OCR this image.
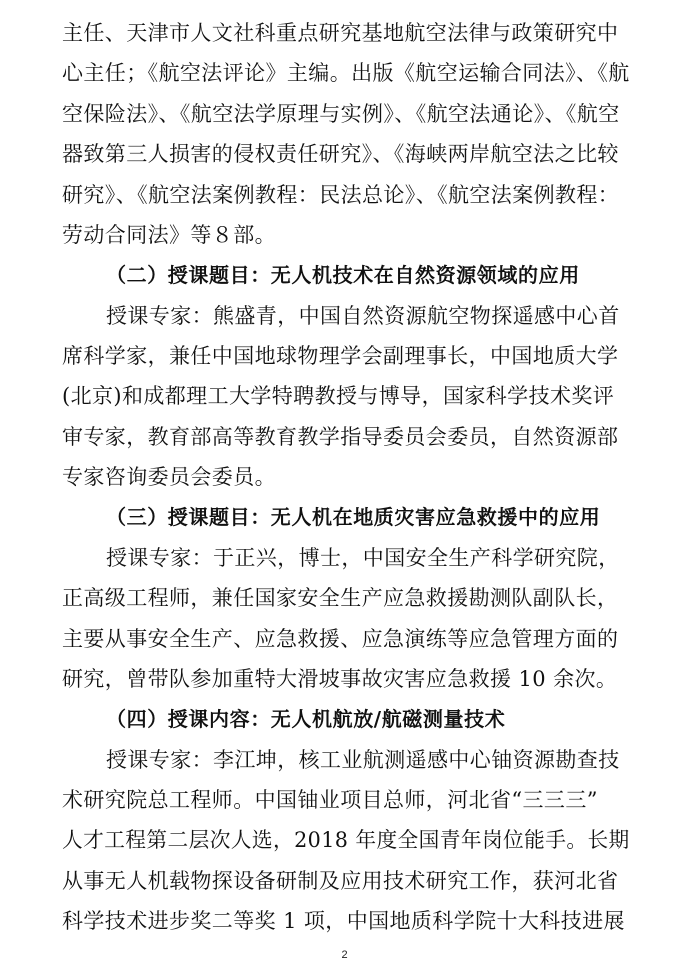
主任、天津市人文社科重点研究基地航空法律与政策研究中
心主任；《航空法评论》主编。出版《航空运输合同法》、《航
空保险法》、《航空法学原理与实例》、《航空法通论》、《航空
器致第三人损害的侵权责任研究》、《海峡两岸航空法之比较
研究》、《航空法案例教程：民法总论》、《航空法案例教程：
劳动合同法》等８部。
（二）授课题目：无人机技术在自然资源领域的应用
授课专家：熊盛青，中国自然资源航空物探遥感中心首
席科学家，兼任中国地球物理学会副理事长，中国地质大学
(北京)和成都理工大学特聘教授与博导，国家科学技术奖评
审专家，教育部高等教育教学指导委员会委员，自然资源部
专家咨询委员会委员。
（三）授课题目：无人机在地质灾害应急救援中的应用
授课专家：于正兴，博士，中国安全生产科学研究院，
正高级工程师，兼任国家安全生产应急救援勘测队副队长，
主要从事安全生产、应急救援、应急演练等应急管理方面的
研究，曾带队参加重特大滑坡事故灾害应急救援 10 余次。
（四）授课内容：无人机航放/航磁测量技术
授课专家：李江坤，核工业航测遥感中心铀资源勘查技
术研究院总工程师。中国铀业项目总师，河北省“三三三”
人才工程第二层次人选，2018 年度全国青年岗位能手。长期
从事无人机载物探设备研制及应用技术研究工作，获河北省
科学技术进步奖二等奖 1 项，中国地质科学院十大科技进展
2
